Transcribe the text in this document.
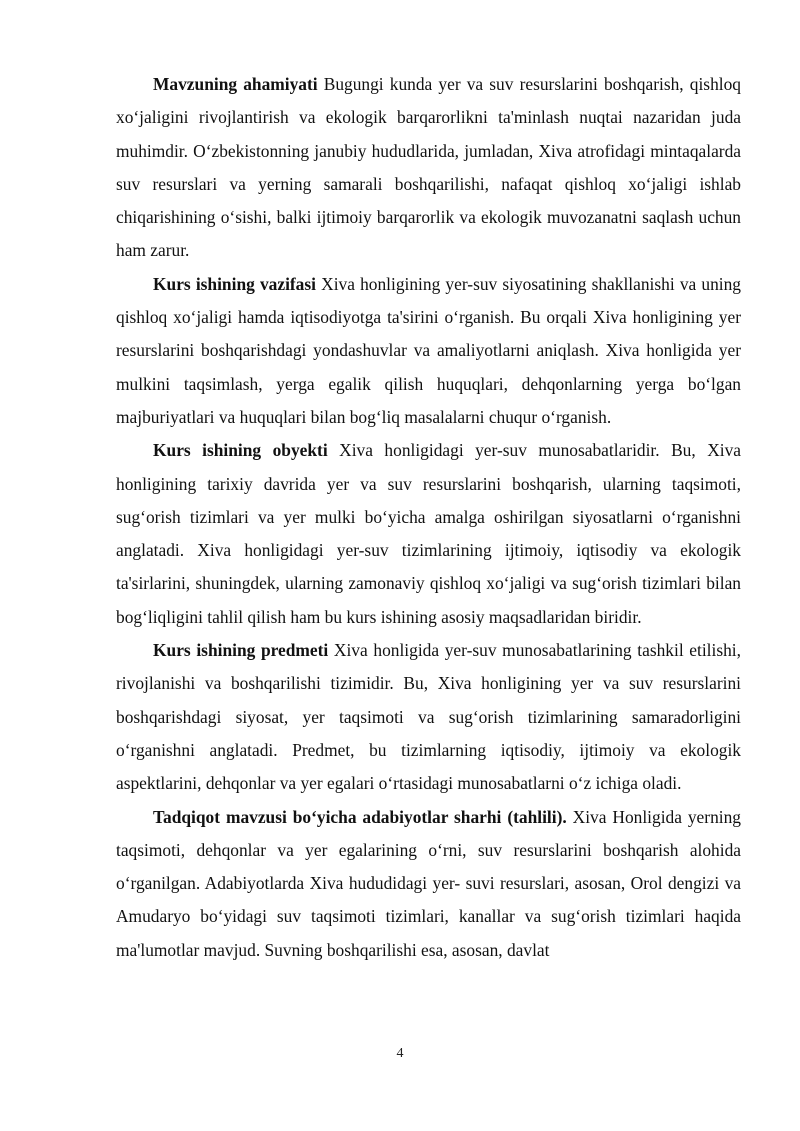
Mavzuning ahamiyati Bugungi kunda yer va suv resurslarini boshqarish, qishloq xo‘jaligini rivojlantirish va ekologik barqarorlikni ta'minlash nuqtai nazaridan juda muhimdir. O‘zbekistonning janubiy hududlarida, jumladan, Xiva atrofidagi mintaqalarda suv resurslari va yerning samarali boshqarilishi, nafaqat qishloq xo‘jaligi ishlab chiqarishining o‘sishi, balki ijtimoiy barqarorlik va ekologik muvozanatni saqlash uchun ham zarur.

Kurs ishining vazifasi Xiva honligining yer-suv siyosatining shakllanishi va uning qishloq xo‘jaligi hamda iqtisodiyotga ta'sirini o‘rganish. Bu orqali Xiva honligining yer resurslarini boshqarishdagi yondashuvlar va amaliyotlarni aniqlash. Xiva honligida yer mulkini taqsimlash, yerga egalik qilish huquqlari, dehqonlarning yerga bo‘lgan majburiyatlari va huquqlari bilan bog‘liq masalalarni chuqur o‘rganish.

Kurs ishining obyekti Xiva honligidagi yer-suv munosabatlaridir. Bu, Xiva honligining tarixiy davrida yer va suv resurslarini boshqarish, ularning taqsimoti, sug‘orish tizimlari va yer mulki bo‘yicha amalga oshirilgan siyosatlarni o‘rganishni anglatadi. Xiva honligidagi yer-suv tizimlarining ijtimoiy, iqtisodiy va ekologik ta'sirlarini, shuningdek, ularning zamonaviy qishloq xo‘jaligi va sug‘orish tizimlari bilan bog‘liqligini tahlil qilish ham bu kurs ishining asosiy maqsadlaridan biridir.

Kurs ishining predmeti Xiva honligida yer-suv munosabatlarining tashkil etilishi, rivojlanishi va boshqarilishi tizimidir. Bu, Xiva honligining yer va suv resurslarini boshqarishdagi siyosat, yer taqsimoti va sug‘orish tizimlarining samaradorligini o‘rganishni anglatadi. Predmet, bu tizimlarning iqtisodiy, ijtimoiy va ekologik aspektlarini, dehqonlar va yer egalari o‘rtasidagi munosabatlarni o‘z ichiga oladi.

Tadqiqot mavzusi bo‘yicha adabiyotlar sharhi (tahlili). Xiva Honligida yerning taqsimoti, dehqonlar va yer egalarining o‘rni, suv resurslarini boshqarish alohida o‘rganilgan. Adabiyotlarda Xiva hududidagi yer- suvi resurslari, asosan, Orol dengizi va Amudaryo bo‘yidagi suv taqsimoti tizimlari, kanallar va sug‘orish tizimlari haqida ma'lumotlar mavjud. Suvning boshqarilishi esa, asosan, davlat

4
